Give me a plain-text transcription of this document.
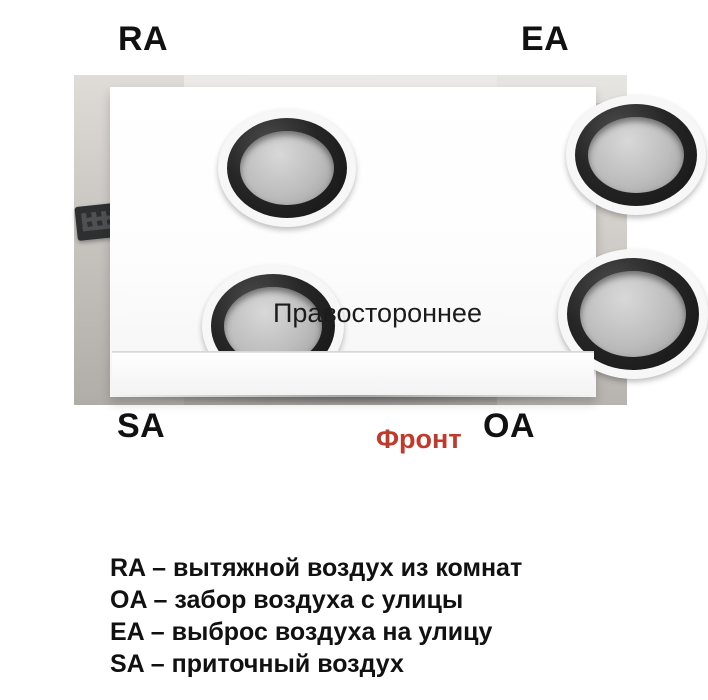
RA	EA
SA	OA
Правостороннее
Фронт
RA – вытяжной воздух из комнат
OA – забор воздуха с улицы
EA – выброс воздуха на улицу
SA – приточный воздух
